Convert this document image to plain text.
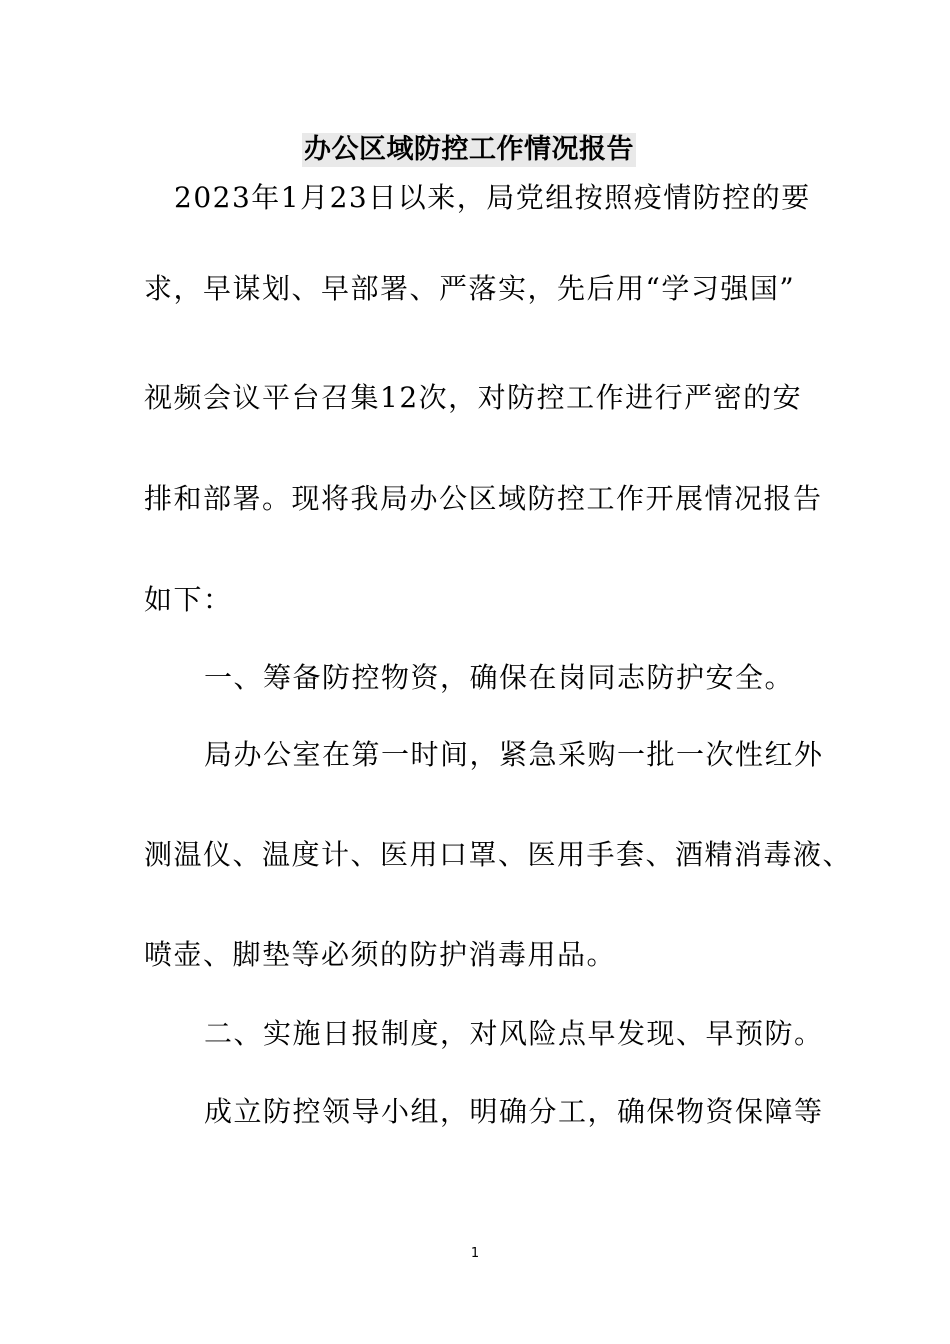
办公区域防控工作情况报告
2023年1月23日以来，局党组按照疫情防控的要
求，早谋划、早部署、严落实，先后用“学习强国”
视频会议平台召集12次，对防控工作进行严密的安
排和部署。现将我局办公区域防控工作开展情况报告
如下：
一、筹备防控物资，确保在岗同志防护安全。
局办公室在第一时间，紧急采购一批一次性红外
测温仪、温度计、医用口罩、医用手套、酒精消毒液、
喷壶、脚垫等必须的防护消毒用品。
二、实施日报制度，对风险点早发现、早预防。
成立防控领导小组，明确分工，确保物资保障等
1
